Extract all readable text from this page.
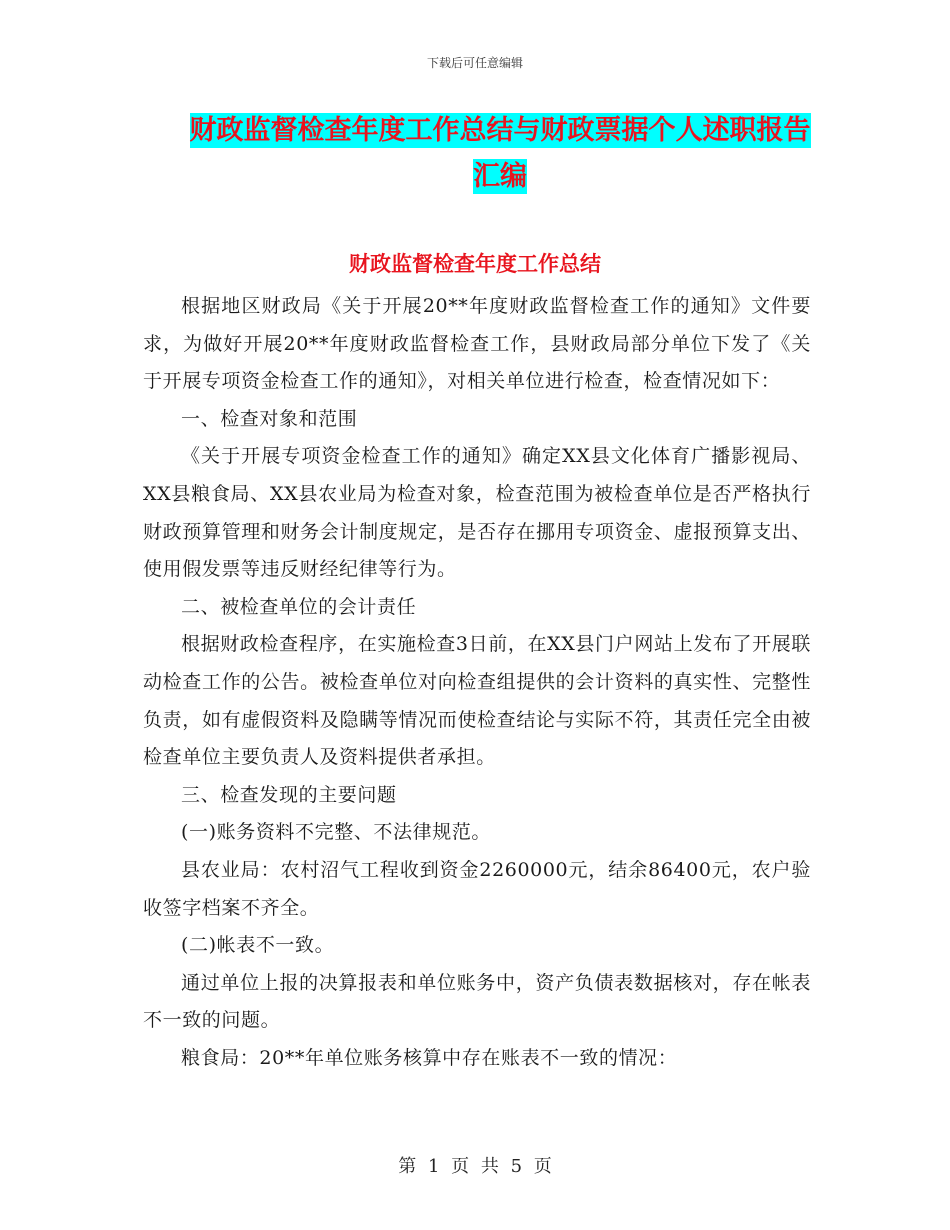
下载后可任意编辑
财政监督检查年度工作总结与财政票据个人述职报告
汇编
财政监督检查年度工作总结

根据地区财政局《关于开展20**年度财政监督检查工作的通知》文件要求，为做好开展20**年度财政监督检查工作，县财政局部分单位下发了《关于开展专项资金检查工作的通知》，对相关单位进行检查，检查情况如下：

一、检查对象和范围

《关于开展专项资金检查工作的通知》确定XX县文化体育广播影视局、XX县粮食局、XX县农业局为检查对象，检查范围为被检查单位是否严格执行财政预算管理和财务会计制度规定，是否存在挪用专项资金、虚报预算支出、使用假发票等违反财经纪律等行为。

二、被检查单位的会计责任

根据财政检查程序，在实施检查3日前，在XX县门户网站上发布了开展联动检查工作的公告。被检查单位对向检查组提供的会计资料的真实性、完整性负责，如有虚假资料及隐瞒等情况而使检查结论与实际不符，其责任完全由被检查单位主要负责人及资料提供者承担。

三、检查发现的主要问题

(一)账务资料不完整、不法律规范。

县农业局：农村沼气工程收到资金2260000元，结余86400元，农户验收签字档案不齐全。

(二)帐表不一致。

通过单位上报的决算报表和单位账务中，资产负债表数据核对，存在帐表不一致的问题。

粮食局：20**年单位账务核算中存在账表不一致的情况：

第 1 页 共 5 页
